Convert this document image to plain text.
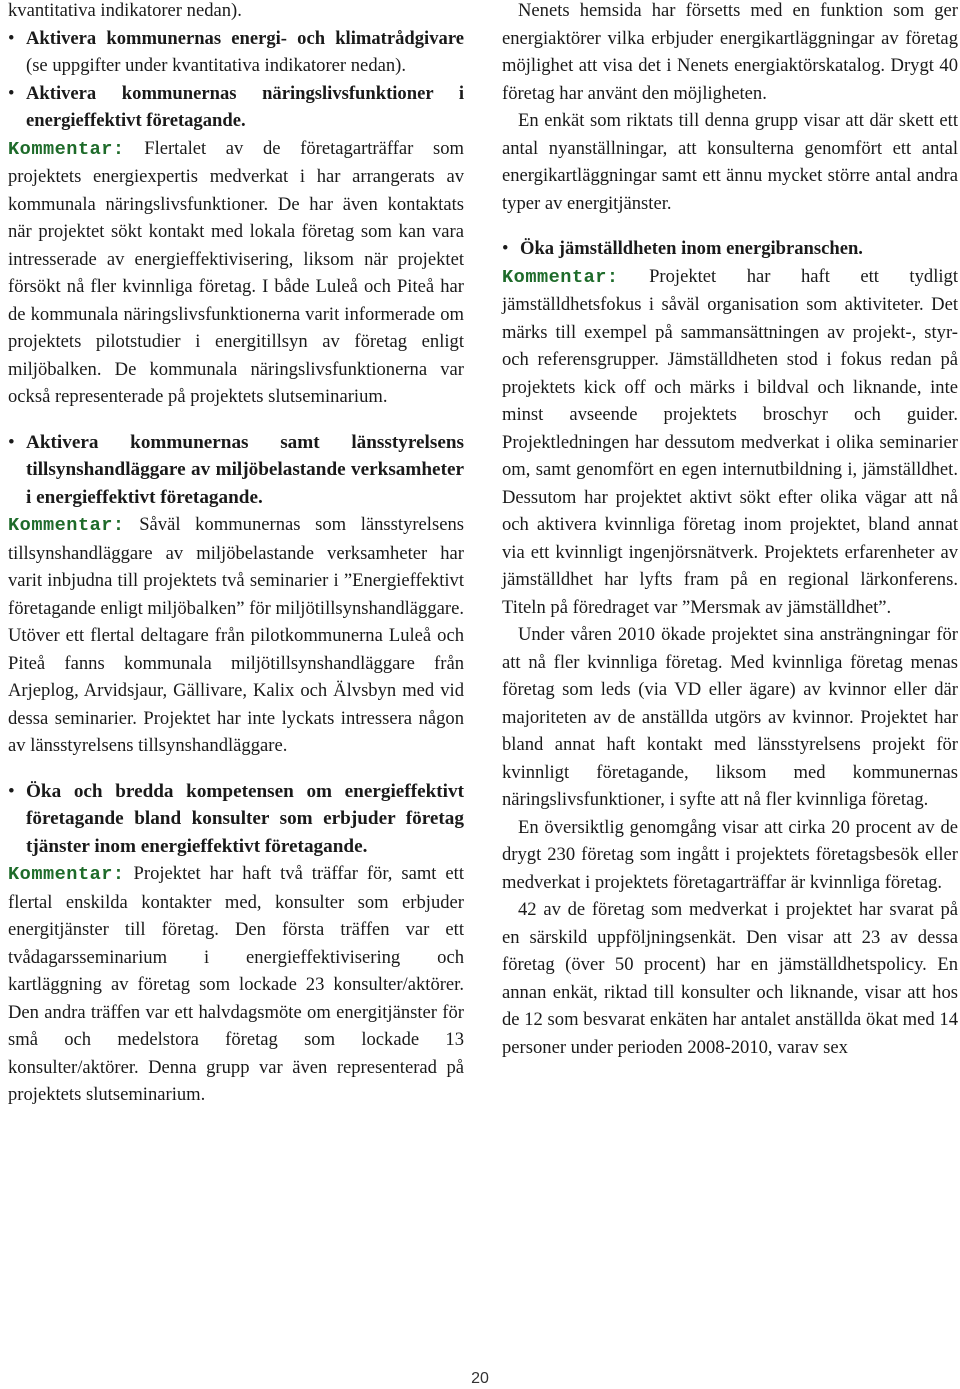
kvantitativa indikatorer nedan).

• Aktivera kommunernas energi- och klimatrådgivare (se uppgifter under kvantitativa indikatorer nedan).
• Aktivera kommunernas näringslivsfunktioner i energieffektivt företagande.

Kommentar: Flertalet av de företagarträffar som projektets energiexpertis medverkat i har arrangerats av kommunala näringslivsfunktioner. De har även kontaktats när projektet sökt kontakt med lokala företag som kan vara intresserade av energieffektivisering, liksom när projektet försökt nå fler kvinnliga företag. I både Luleå och Piteå har de kommunala näringslivsfunktionerna varit informerade om projektets pilotstudier i energitillsyn av företag enligt miljöbalken. De kommunala näringslivsfunktionerna var också representerade på projektets slutseminarium.

• Aktivera kommunernas samt länsstyrelsens tillsynshandläggare av miljöbelastande verksamheter i energieffektivt företagande.

Kommentar: Såväl kommunernas som länsstyrelsens tillsynshandläggare av miljöbelastande verksamheter har varit inbjudna till projektets två seminarier i ”Energieffektivt företagande enligt miljöbalken” för miljötillsynshandläggare. Utöver ett flertal deltagare från pilotkommunerna Luleå och Piteå fanns kommunala miljötillsynshandläggare från Arjeplog, Arvidsjaur, Gällivare, Kalix och Älvsbyn med vid dessa seminarier. Projektet har inte lyckats intressera någon av länsstyrelsens tillsynshandläggare.

• Öka och bredda kompetensen om energieffektivt företagande bland konsulter som erbjuder företag tjänster inom energieffektivt företagande.

Kommentar: Projektet har haft två träffar för, samt ett flertal enskilda kontakter med, konsulter som erbjuder energitjänster till företag. Den första träffen var ett tvådagarsseminarium i energieffektivisering och kartläggning av företag som lockade 23 konsulter/aktörer. Den andra träffen var ett halvdagsmöte om energitjänster för små och medelstora företag som lockade 13 konsulter/aktörer. Denna grupp var även representerad på projektets slutseminarium.

Nenets hemsida har försetts med en funktion som ger energiaktörer vilka erbjuder energikartläggningar av företag möjlighet att visa det i Nenets energiaktörskatalog. Drygt 40 företag har använt den möjligheten.

En enkät som riktats till denna grupp visar att där skett ett antal nyanställningar, att konsulterna genomfört ett antal energikartläggningar samt ett ännu mycket större antal andra typer av energitjänster.

• Öka jämställdheten inom energibranschen.

Kommentar: Projektet har haft ett tydligt jämställdhetsfokus i såväl organisation som aktiviteter. Det märks till exempel på sammansättningen av projekt-, styr- och referensgrupper. Jämställdheten stod i fokus redan på projektets kick off och märks i bildval och liknande, inte minst avseende projektets broschyr och guider. Projektledningen har dessutom medverkat i olika seminarier om, samt genomfört en egen internutbildning i, jämställdhet. Dessutom har projektet aktivt sökt efter olika vägar att nå och aktivera kvinnliga företag inom projektet, bland annat via ett kvinnligt ingenjörsnätverk. Projektets erfarenheter av jämställdhet har lyfts fram på en regional lärkonferens. Titeln på föredraget var ”Mersmak av jämställdhet”.

Under våren 2010 ökade projektet sina ansträngningar för att nå fler kvinnliga företag. Med kvinnliga företag menas företag som leds (via VD eller ägare) av kvinnor eller där majoriteten av de anställda utgörs av kvinnor. Projektet har bland annat haft kontakt med länsstyrelsens projekt för kvinnligt företagande, liksom med kommunernas näringslivsfunktioner, i syfte att nå fler kvinnliga företag.

En översiktlig genomgång visar att cirka 20 procent av de drygt 230 företag som ingått i projektets företagsbesök eller medverkat i projektets företagarträffar är kvinnliga företag.

42 av de företag som medverkat i projektet har svarat på en särskild uppföljningsenkät. Den visar att 23 av dessa företag (över 50 procent) har en jämställdhetspolicy. En annan enkät, riktad till konsulter och liknande, visar att hos de 12 som besvarat enkäten har antalet anställda ökat med 14 personer under perioden 2008-2010, varav sex

20
